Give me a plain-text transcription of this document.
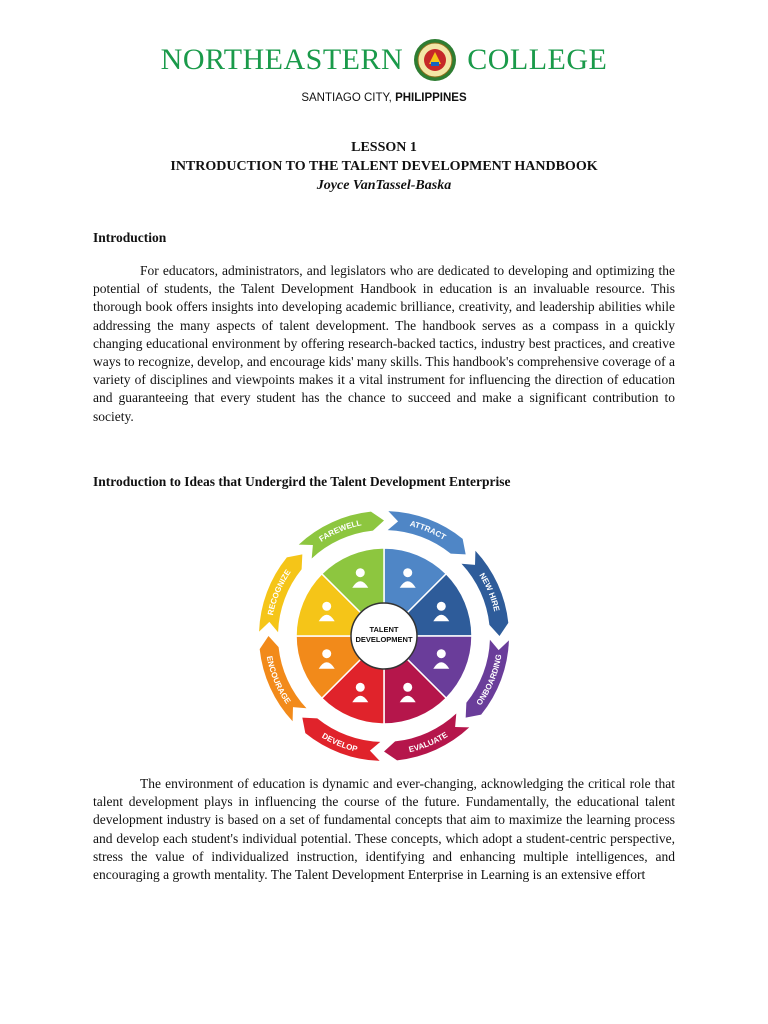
NORTHEASTERN COLLEGE
SANTIAGO CITY, PHILIPPINES
LESSON 1
INTRODUCTION TO THE TALENT DEVELOPMENT HANDBOOK
Joyce VanTassel-Baska
Introduction

For educators, administrators, and legislators who are dedicated to developing and optimizing the potential of students, the Talent Development Handbook in education is an invaluable resource. This thorough book offers insights into developing academic brilliance, creativity, and leadership abilities while addressing the many aspects of talent development. The handbook serves as a compass in a quickly changing educational environment by offering research-backed tactics, industry best practices, and creative ways to recognize, develop, and encourage kids' many skills. This handbook's comprehensive coverage of a variety of disciplines and viewpoints makes it a vital instrument for influencing the direction of education and guaranteeing that every student has the chance to succeed and make a significant contribution to society.

Introduction to Ideas that Undergird the Talent Development Enterprise
ATTRACT
NEW HIRE
ONBOARDING
EVALUATE
DEVELOP
ENCOURAGE
RECOGNIZE
FAREWELL
TALENT
DEVELOPMENT

The environment of education is dynamic and ever-changing, acknowledging the critical role that talent development plays in influencing the course of the future. Fundamentally, the educational talent development industry is based on a set of fundamental concepts that aim to maximize the learning process and develop each student's individual potential. These concepts, which adopt a student-centric perspective, stress the value of individualized instruction, identifying and enhancing multiple intelligences, and encouraging a growth mentality. The Talent Development Enterprise in Learning is an extensive effort
